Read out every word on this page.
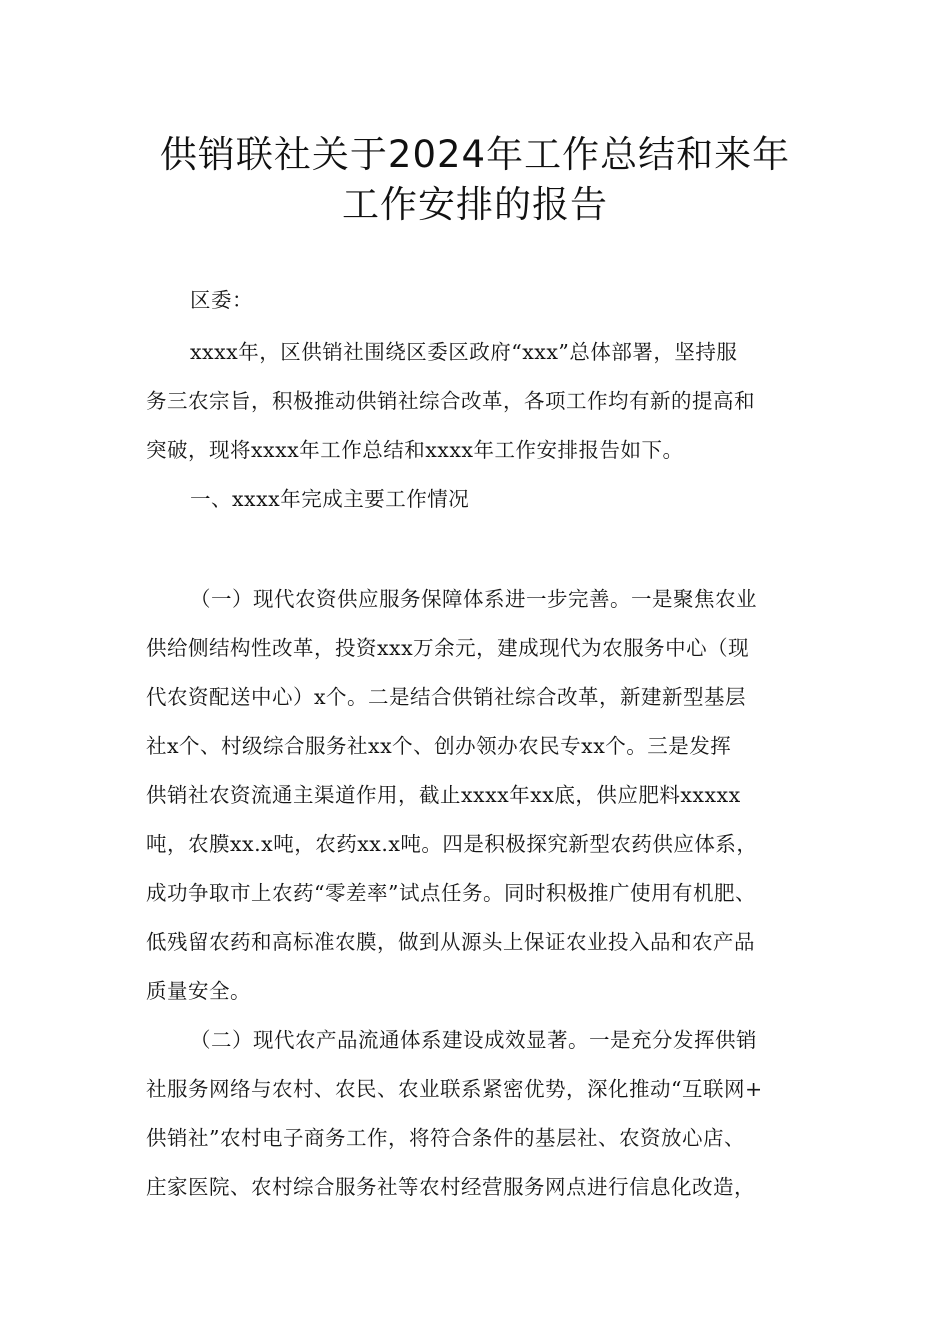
供销联社关于2024年工作总结和来年
工作安排的报告
区委：
xxxx年，区供销社围绕区委区政府“xxx”总体部署，坚持服
务三农宗旨，积极推动供销社综合改革，各项工作均有新的提高和
突破，现将xxxx年工作总结和xxxx年工作安排报告如下。
一、xxxx年完成主要工作情况
（一）现代农资供应服务保障体系进一步完善。一是聚焦农业
供给侧结构性改革，投资xxx万余元，建成现代为农服务中心（现
代农资配送中心）x个。二是结合供销社综合改革，新建新型基层
社x个、村级综合服务社xx个、创办领办农民专xx个。三是发挥
供销社农资流通主渠道作用，截止xxxx年xx底，供应肥料xxxxx
吨，农膜xx.x吨，农药xx.x吨。四是积极探究新型农药供应体系，
成功争取市上农药“零差率”试点任务。同时积极推广使用有机肥、
低残留农药和高标准农膜，做到从源头上保证农业投入品和农产品
质量安全。
（二）现代农产品流通体系建设成效显著。一是充分发挥供销
社服务网络与农村、农民、农业联系紧密优势，深化推动“互联网+
供销社”农村电子商务工作，将符合条件的基层社、农资放心店、
庄家医院、农村综合服务社等农村经营服务网点进行信息化改造，
